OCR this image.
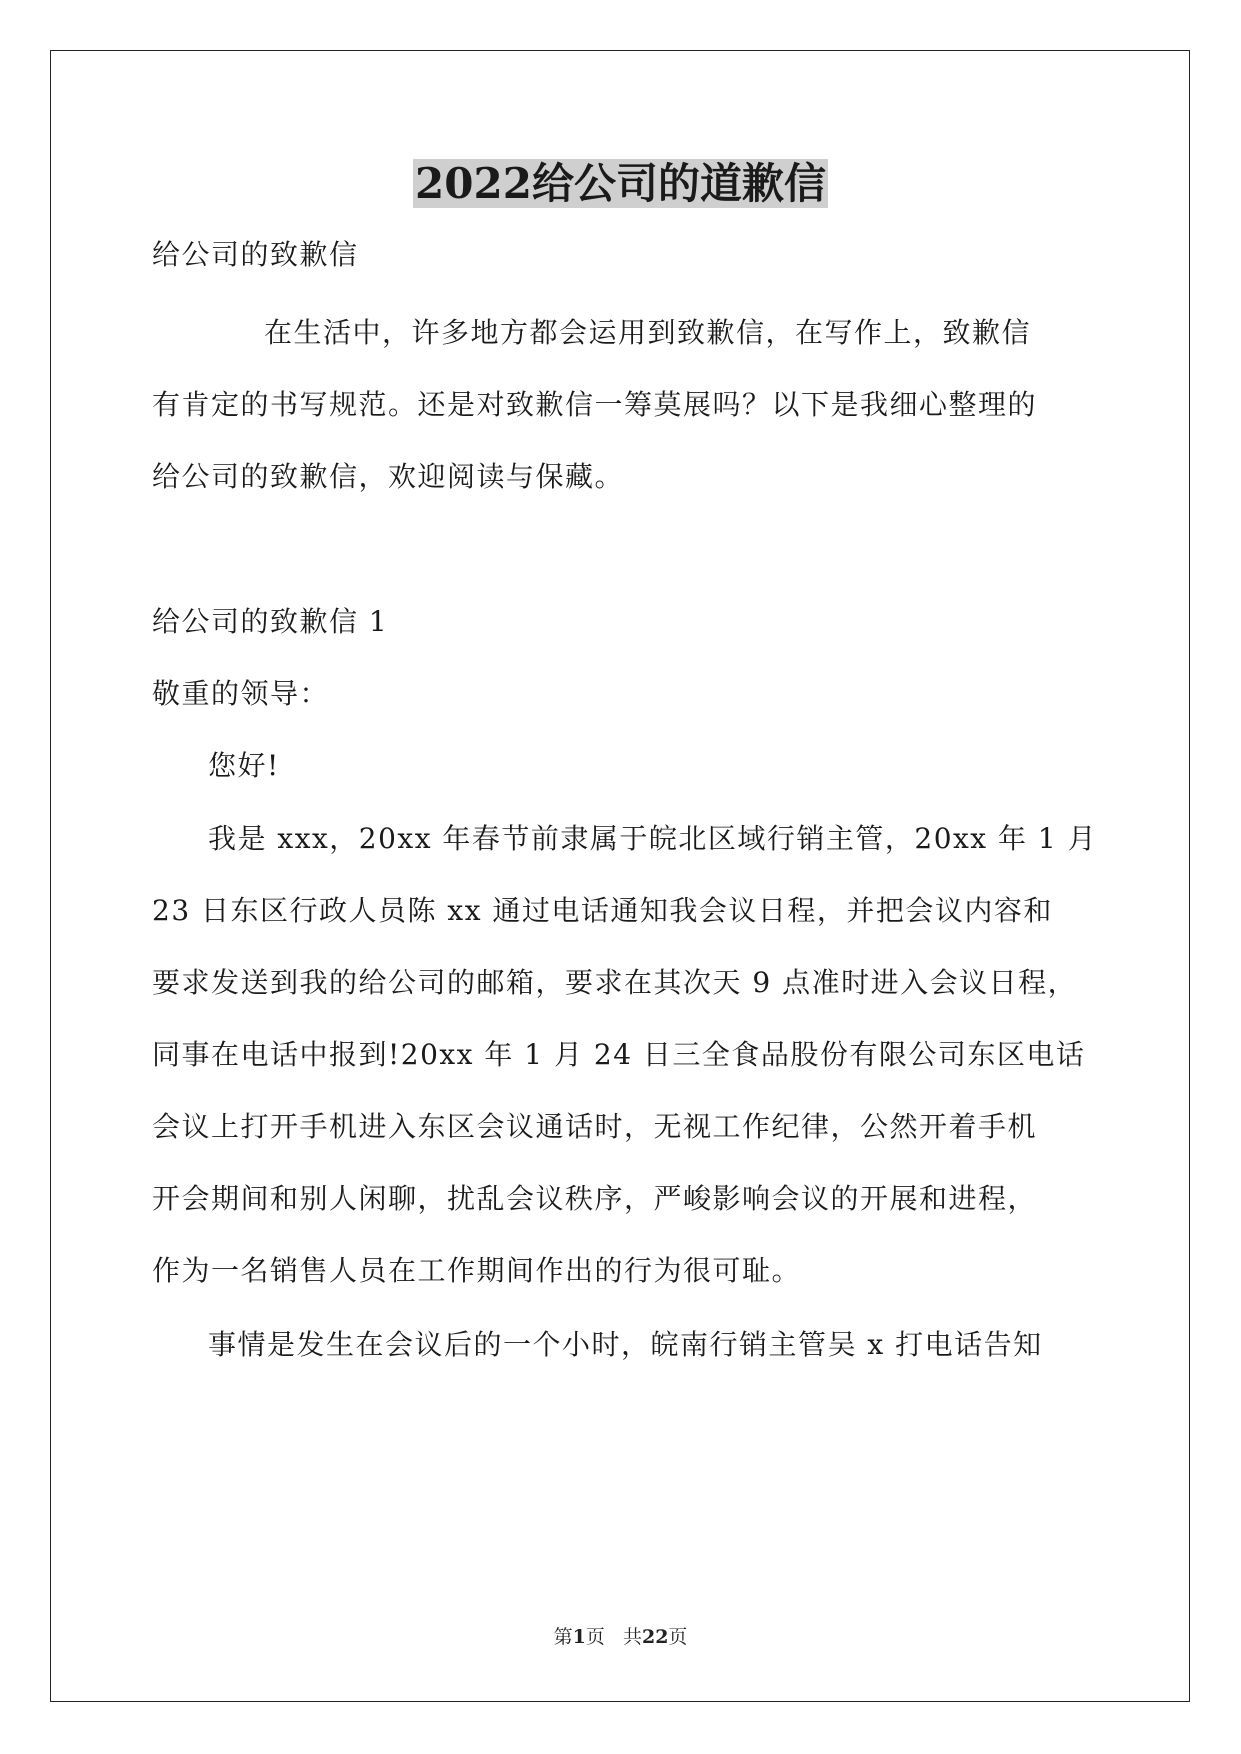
2022给公司的道歉信
给公司的致歉信
在生活中，许多地方都会运用到致歉信，在写作上，致歉信
有肯定的书写规范。还是对致歉信一筹莫展吗？以下是我细心整理的
给公司的致歉信，欢迎阅读与保藏。
给公司的致歉信 1
敬重的领导：
您好!
我是 xxx，20xx 年春节前隶属于皖北区域行销主管，20xx 年 1 月
23 日东区行政人员陈 xx 通过电话通知我会议日程，并把会议内容和
要求发送到我的给公司的邮箱，要求在其次天 9 点准时进入会议日程，
同事在电话中报到!20xx 年 1 月 24 日三全食品股份有限公司东区电话
会议上打开手机进入东区会议通话时，无视工作纪律，公然开着手机
开会期间和别人闲聊，扰乱会议秩序，严峻影响会议的开展和进程，
作为一名销售人员在工作期间作出的行为很可耻。
事情是发生在会议后的一个小时，皖南行销主管吴 x 打电话告知
第1页 共22页
